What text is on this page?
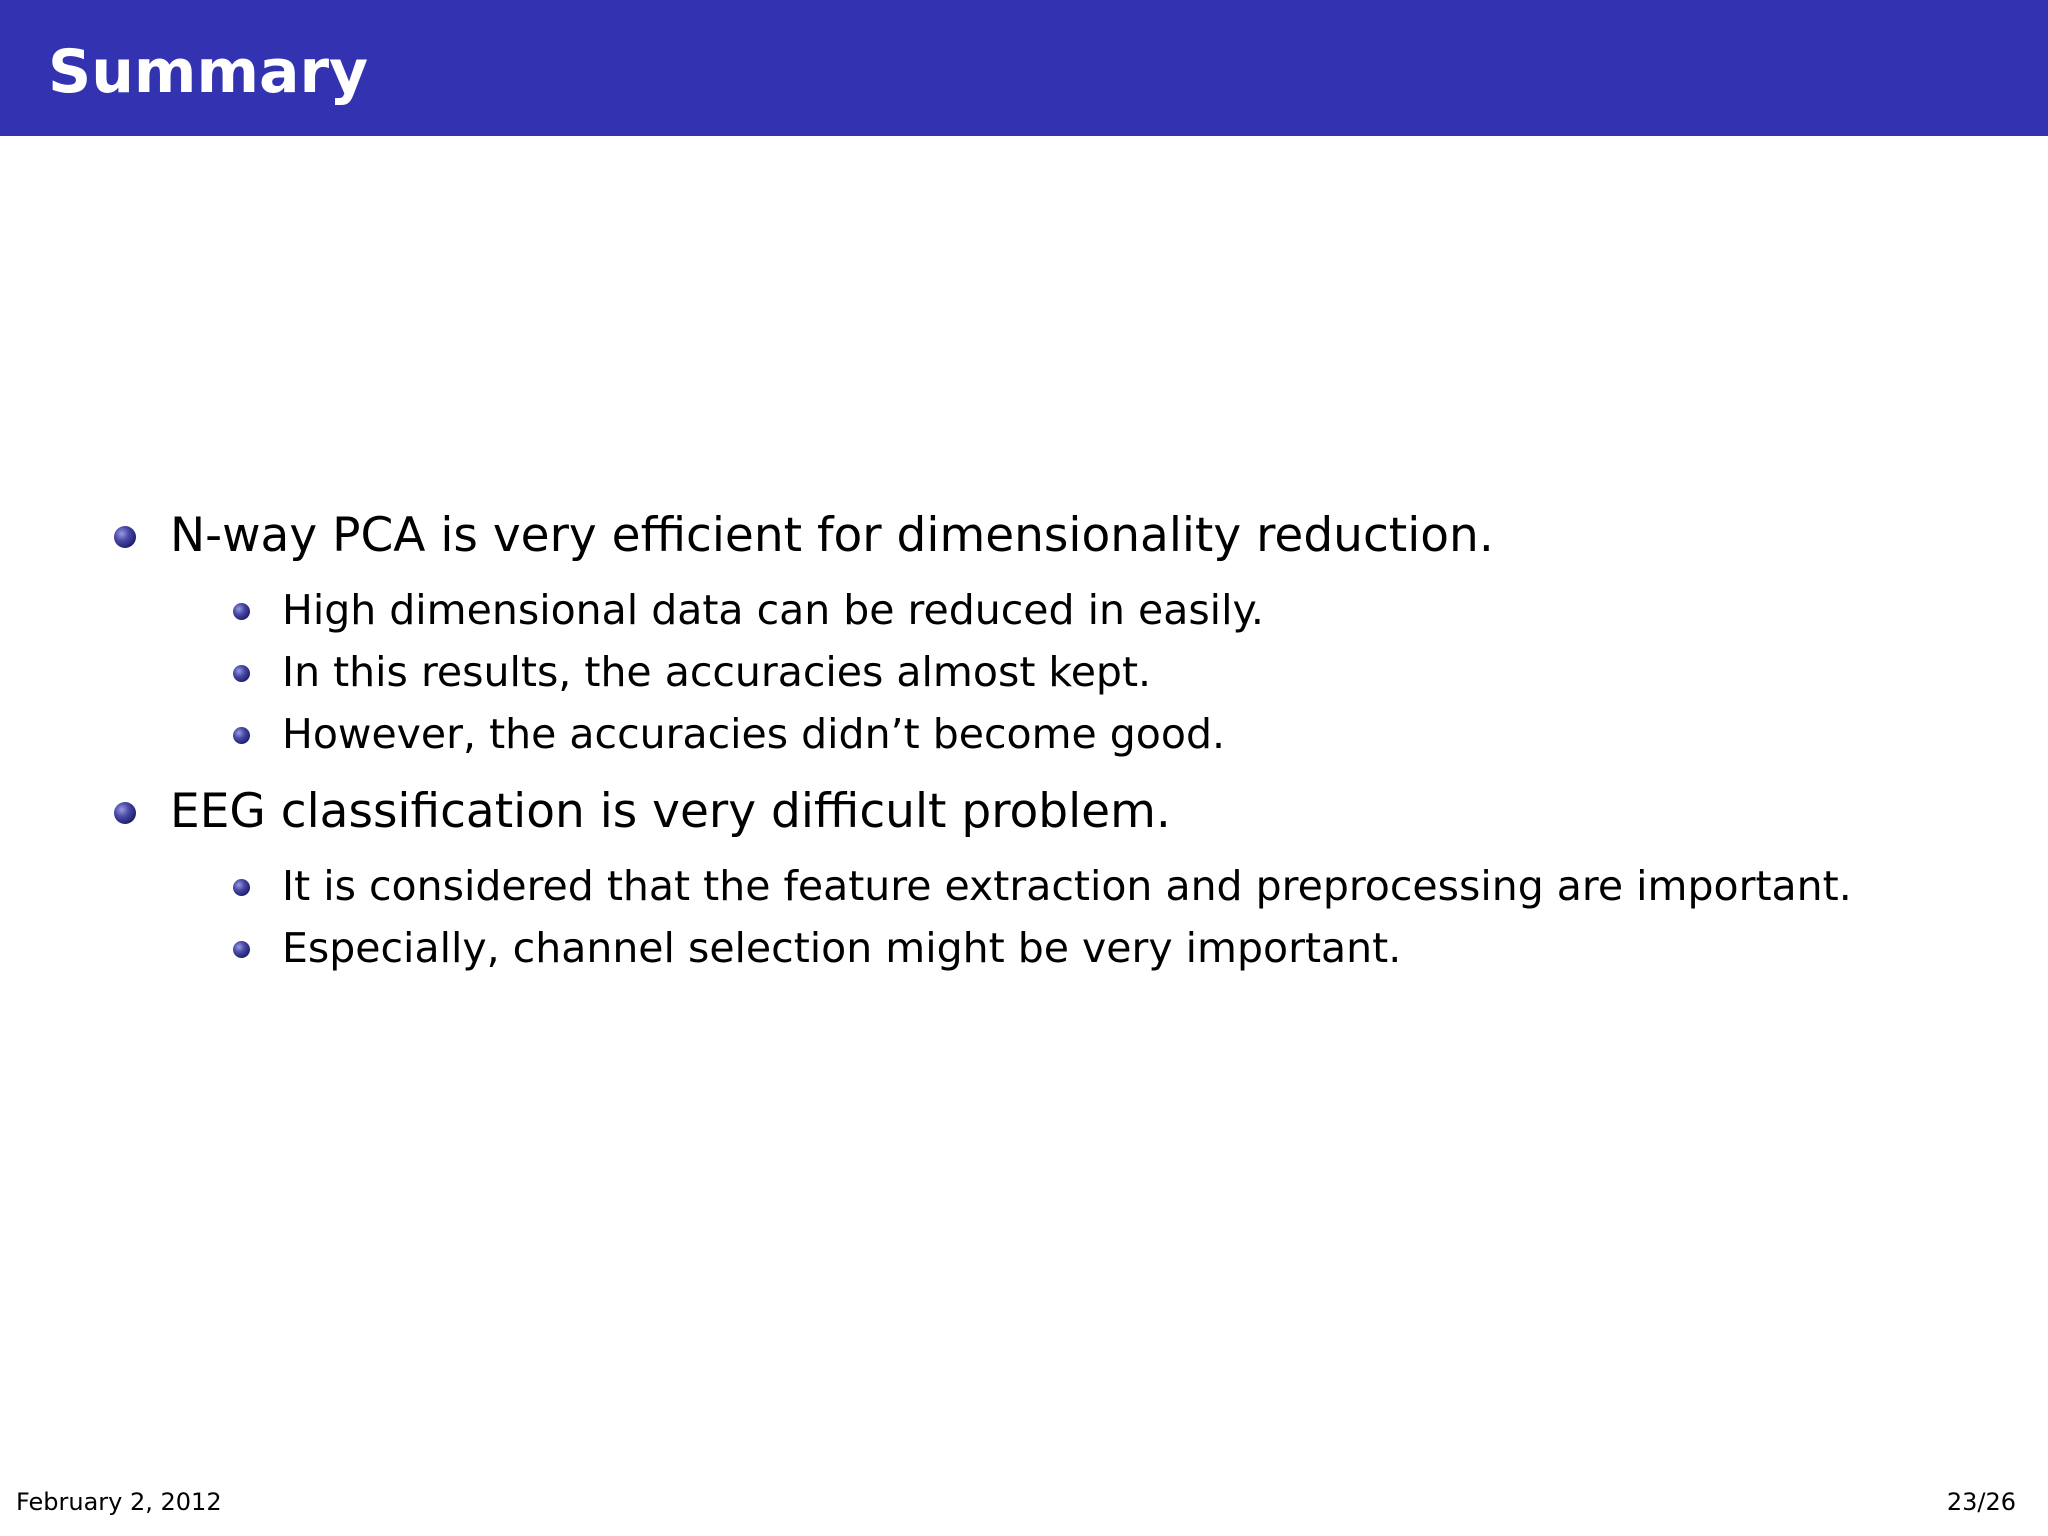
Summary
N-way PCA is very efficient for dimensionality reduction.
High dimensional data can be reduced in easily.
In this results, the accuracies almost kept.
However, the accuracies didn’t become good.
EEG classification is very difficult problem.
It is considered that the feature extraction and preprocessing are important.
Especially, channel selection might be very important.
February 2, 2012	23/26
